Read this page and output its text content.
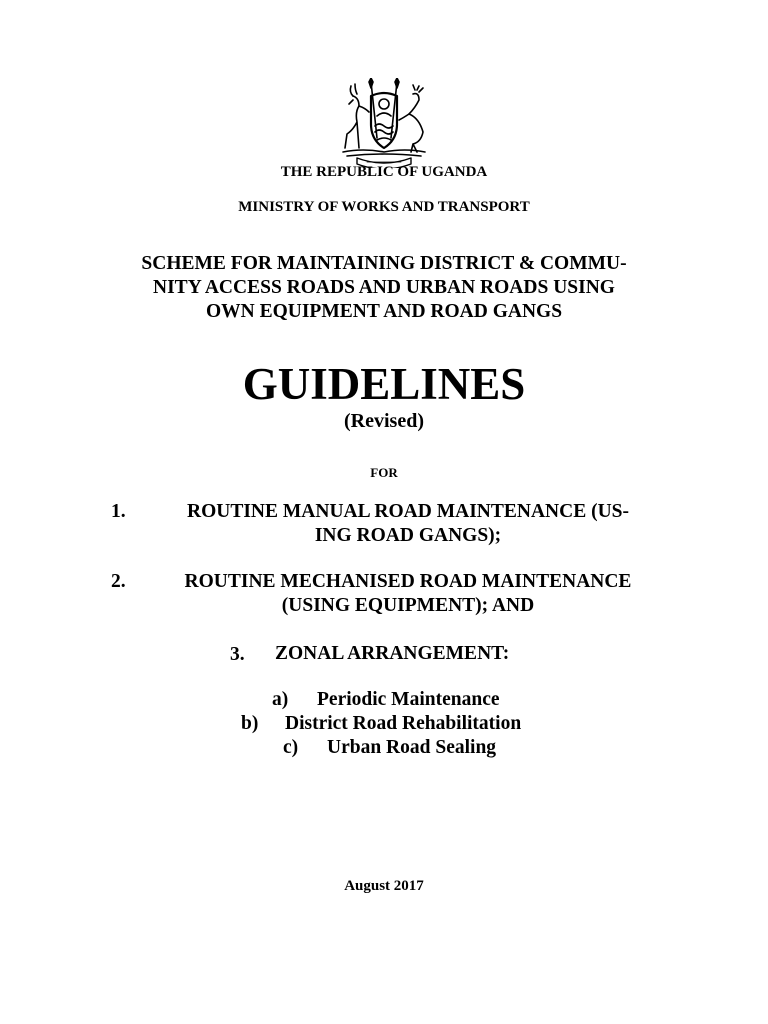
THE REPUBLIC OF UGANDA
MINISTRY OF WORKS AND TRANSPORT
SCHEME FOR MAINTAINING DISTRICT & COMMU-
NITY ACCESS ROADS AND URBAN ROADS USING
OWN EQUIPMENT AND ROAD GANGS
GUIDELINES
(Revised)
FOR
1.	ROUTINE MANUAL ROAD MAINTENANCE (US-
ING ROAD GANGS);
2.	ROUTINE MECHANISED ROAD MAINTENANCE
(USING EQUIPMENT); AND
3. ZONAL ARRANGEMENT:
a) Periodic Maintenance
b) District Road Rehabilitation
c) Urban Road Sealing
August 2017
